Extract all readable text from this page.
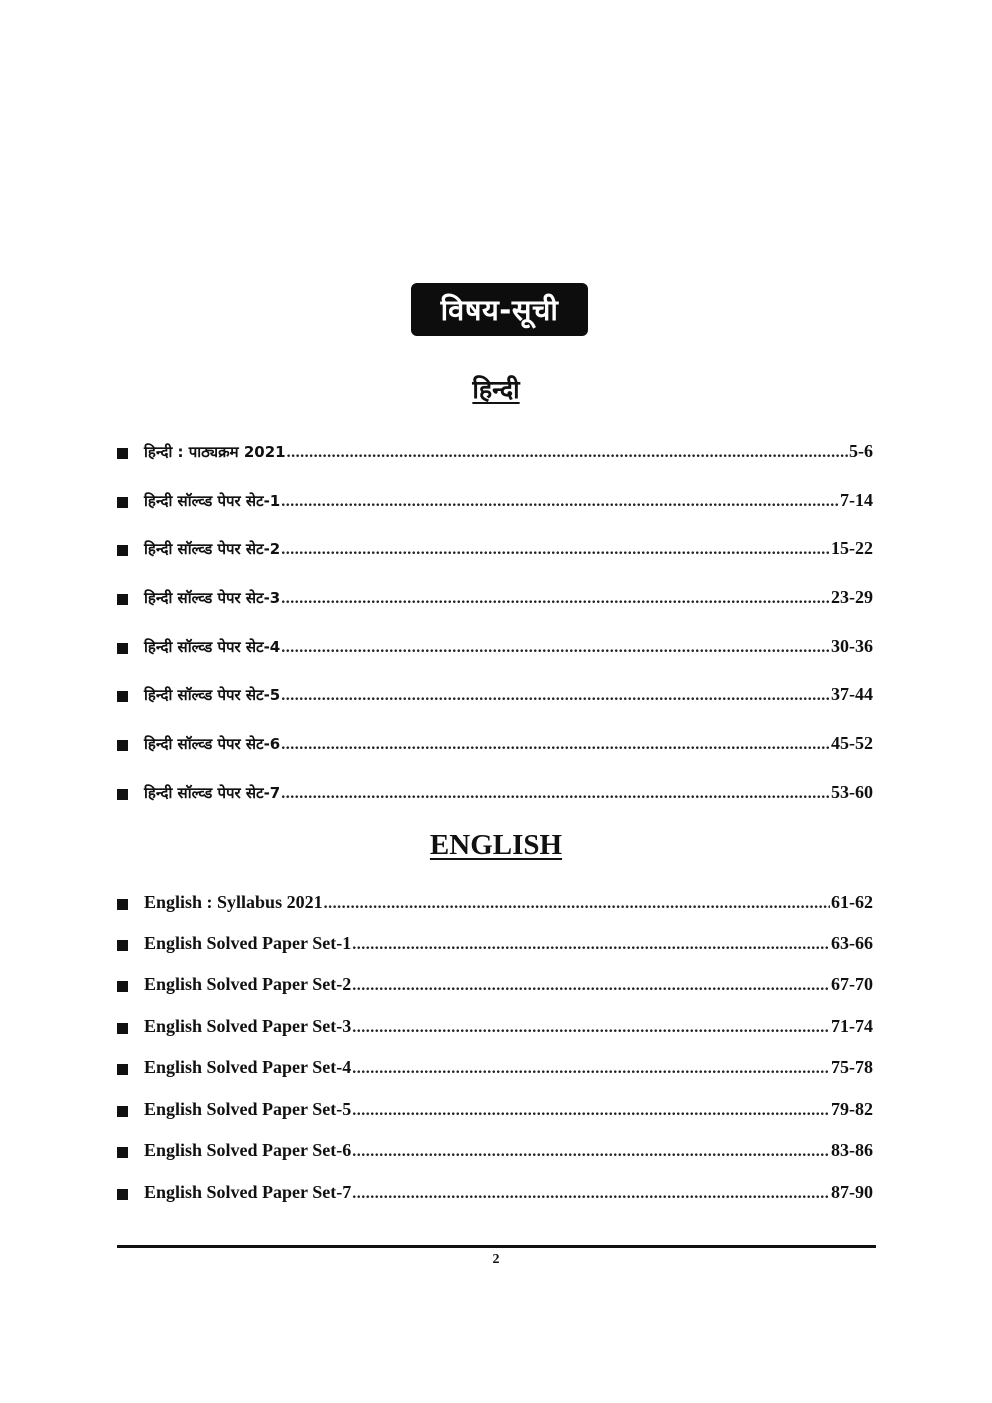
विषय-सूची
हिन्दी
हिन्दी : पाठ्यक्रम 2021 .....	5-6
हिन्दी सॉल्व्ड पेपर सेट-1 .....	7-14
हिन्दी सॉल्व्ड पेपर सेट-2 .....	15-22
हिन्दी सॉल्व्ड पेपर सेट-3 .....	23-29
हिन्दी सॉल्व्ड पेपर सेट-4 .....	30-36
हिन्दी सॉल्व्ड पेपर सेट-5 .....	37-44
हिन्दी सॉल्व्ड पेपर सेट-6 .....	45-52
हिन्दी सॉल्व्ड पेपर सेट-7 .....	53-60
ENGLISH
English : Syllabus 2021 .....	61-62
English Solved Paper Set-1 .....	63-66
English Solved Paper Set-2 .....	67-70
English Solved Paper Set-3 .....	71-74
English Solved Paper Set-4 .....	75-78
English Solved Paper Set-5 .....	79-82
English Solved Paper Set-6 .....	83-86
English Solved Paper Set-7 .....	87-90
2
